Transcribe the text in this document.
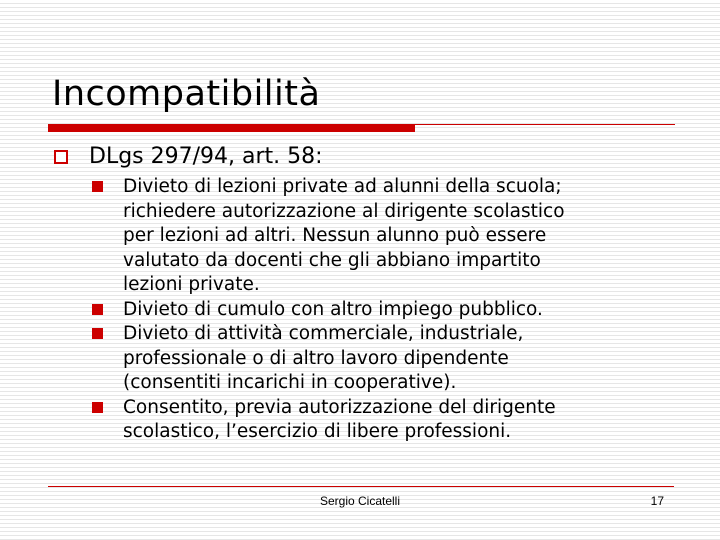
Incompatibilità
DLgs 297/94, art. 58:
Divieto di lezioni private ad alunni della scuola;
richiedere autorizzazione al dirigente scolastico
per lezioni ad altri. Nessun alunno può essere
valutato da docenti che gli abbiano impartito
lezioni private.
Divieto di cumulo con altro impiego pubblico.
Divieto di attività commerciale, industriale,
professionale o di altro lavoro dipendente
(consentiti incarichi in cooperative).
Consentito, previa autorizzazione del dirigente
scolastico, l’esercizio di libere professioni.
Sergio Cicatelli	17
